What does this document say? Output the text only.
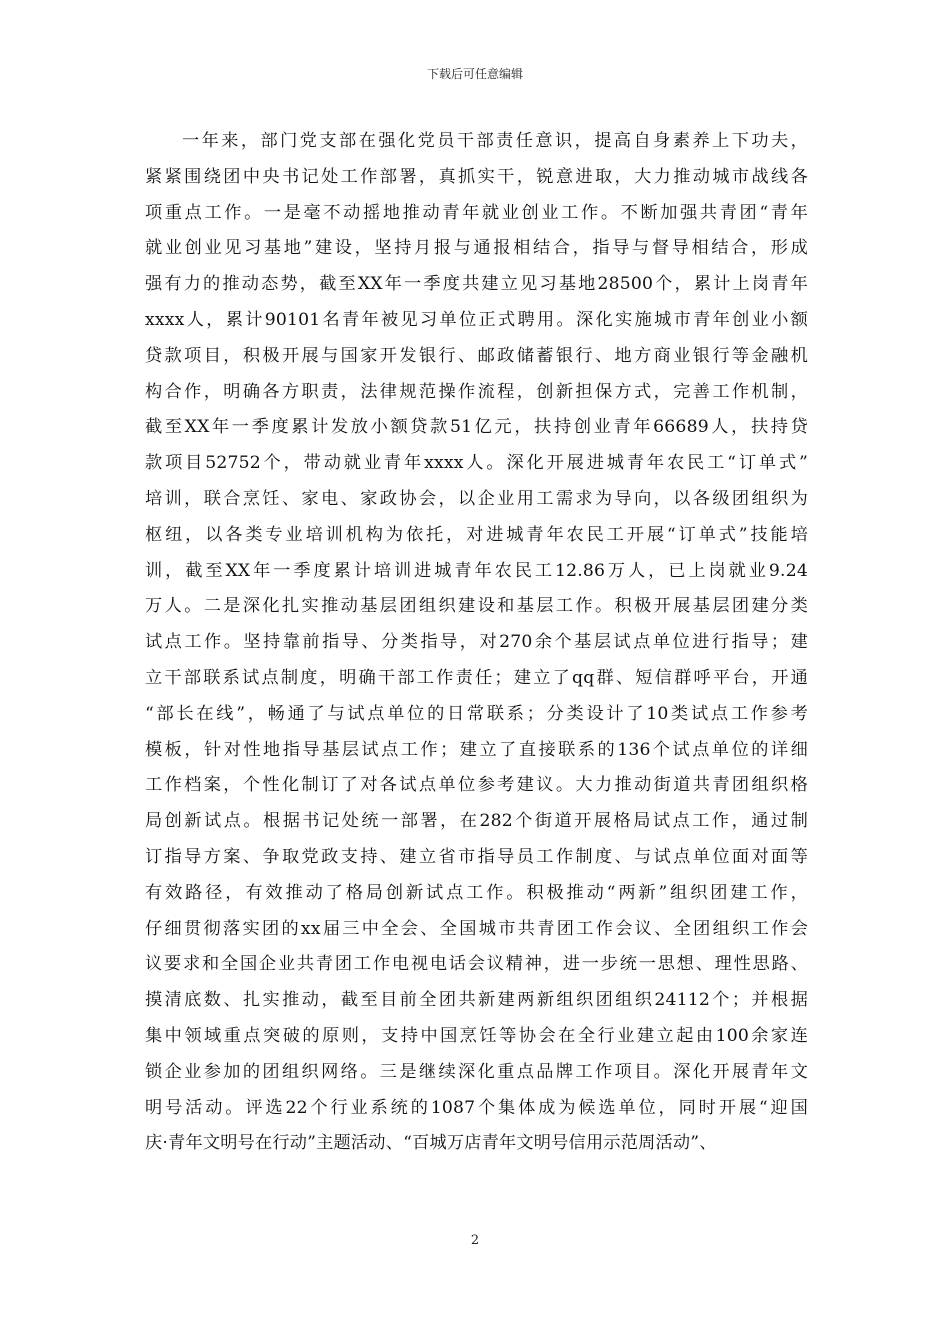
下载后可任意编辑
一年来，部门党支部在强化党员干部责任意识，提高自身素养上下功夫，
紧紧围绕团中央书记处工作部署，真抓实干，锐意进取，大力推动城市战线各
项重点工作。一是毫不动摇地推动青年就业创业工作。不断加强共青团“青年
就业创业见习基地”建设，坚持月报与通报相结合，指导与督导相结合，形成
强有力的推动态势，截至XX年一季度共建立见习基地28500个，累计上岗青年
xxxx人，累计90101名青年被见习单位正式聘用。深化实施城市青年创业小额
贷款项目，积极开展与国家开发银行、邮政储蓄银行、地方商业银行等金融机
构合作，明确各方职责，法律规范操作流程，创新担保方式，完善工作机制，
截至XX年一季度累计发放小额贷款51亿元，扶持创业青年66689人，扶持贷
款项目52752个，带动就业青年xxxx人。深化开展进城青年农民工“订单式”
培训，联合烹饪、家电、家政协会，以企业用工需求为导向，以各级团组织为
枢纽，以各类专业培训机构为依托，对进城青年农民工开展“订单式”技能培
训，截至XX年一季度累计培训进城青年农民工12.86万人，已上岗就业9.24
万人。二是深化扎实推动基层团组织建设和基层工作。积极开展基层团建分类
试点工作。坚持靠前指导、分类指导，对270余个基层试点单位进行指导；建
立干部联系试点制度，明确干部工作责任；建立了qq群、短信群呼平台，开通
“部长在线”，畅通了与试点单位的日常联系；分类设计了10类试点工作参考
模板，针对性地指导基层试点工作；建立了直接联系的136个试点单位的详细
工作档案，个性化制订了对各试点单位参考建议。大力推动街道共青团组织格
局创新试点。根据书记处统一部署，在282个街道开展格局试点工作，通过制
订指导方案、争取党政支持、建立省市指导员工作制度、与试点单位面对面等
有效路径，有效推动了格局创新试点工作。积极推动“两新”组织团建工作，
仔细贯彻落实团的xx届三中全会、全国城市共青团工作会议、全团组织工作会
议要求和全国企业共青团工作电视电话会议精神，进一步统一思想、理性思路、
摸清底数、扎实推动，截至目前全团共新建两新组织团组织24112个；并根据
集中领域重点突破的原则，支持中国烹饪等协会在全行业建立起由100余家连
锁企业参加的团组织网络。三是继续深化重点品牌工作项目。深化开展青年文
明号活动。评选22个行业系统的1087个集体成为候选单位，同时开展“迎国
庆·青年文明号在行动”主题活动、“百城万店青年文明号信用示范周活动”、
2
